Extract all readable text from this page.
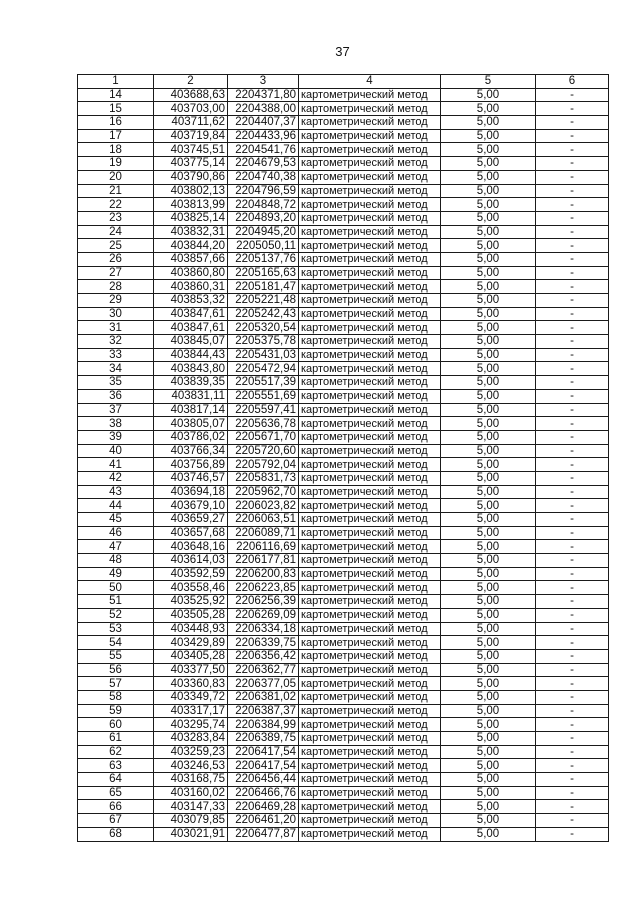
37
1	2	3	4	5	6
14	403688,63	2204371,80	картометрический метод	5,00	-
15	403703,00	2204388,00	картометрический метод	5,00	-
16	403711,62	2204407,37	картометрический метод	5,00	-
17	403719,84	2204433,96	картометрический метод	5,00	-
18	403745,51	2204541,76	картометрический метод	5,00	-
19	403775,14	2204679,53	картометрический метод	5,00	-
20	403790,86	2204740,38	картометрический метод	5,00	-
21	403802,13	2204796,59	картометрический метод	5,00	-
22	403813,99	2204848,72	картометрический метод	5,00	-
23	403825,14	2204893,20	картометрический метод	5,00	-
24	403832,31	2204945,20	картометрический метод	5,00	-
25	403844,20	2205050,11	картометрический метод	5,00	-
26	403857,66	2205137,76	картометрический метод	5,00	-
27	403860,80	2205165,63	картометрический метод	5,00	-
28	403860,31	2205181,47	картометрический метод	5,00	-
29	403853,32	2205221,48	картометрический метод	5,00	-
30	403847,61	2205242,43	картометрический метод	5,00	-
31	403847,61	2205320,54	картометрический метод	5,00	-
32	403845,07	2205375,78	картометрический метод	5,00	-
33	403844,43	2205431,03	картометрический метод	5,00	-
34	403843,80	2205472,94	картометрический метод	5,00	-
35	403839,35	2205517,39	картометрический метод	5,00	-
36	403831,11	2205551,69	картометрический метод	5,00	-
37	403817,14	2205597,41	картометрический метод	5,00	-
38	403805,07	2205636,78	картометрический метод	5,00	-
39	403786,02	2205671,70	картометрический метод	5,00	-
40	403766,34	2205720,60	картометрический метод	5,00	-
41	403756,89	2205792,04	картометрический метод	5,00	-
42	403746,57	2205831,73	картометрический метод	5,00	-
43	403694,18	2205962,70	картометрический метод	5,00	-
44	403679,10	2206023,82	картометрический метод	5,00	-
45	403659,27	2206063,51	картометрический метод	5,00	-
46	403657,68	2206089,71	картометрический метод	5,00	-
47	403648,16	2206116,69	картометрический метод	5,00	-
48	403614,03	2206177,81	картометрический метод	5,00	-
49	403592,59	2206200,83	картометрический метод	5,00	-
50	403558,46	2206223,85	картометрический метод	5,00	-
51	403525,92	2206256,39	картометрический метод	5,00	-
52	403505,28	2206269,09	картометрический метод	5,00	-
53	403448,93	2206334,18	картометрический метод	5,00	-
54	403429,89	2206339,75	картометрический метод	5,00	-
55	403405,28	2206356,42	картометрический метод	5,00	-
56	403377,50	2206362,77	картометрический метод	5,00	-
57	403360,83	2206377,05	картометрический метод	5,00	-
58	403349,72	2206381,02	картометрический метод	5,00	-
59	403317,17	2206387,37	картометрический метод	5,00	-
60	403295,74	2206384,99	картометрический метод	5,00	-
61	403283,84	2206389,75	картометрический метод	5,00	-
62	403259,23	2206417,54	картометрический метод	5,00	-
63	403246,53	2206417,54	картометрический метод	5,00	-
64	403168,75	2206456,44	картометрический метод	5,00	-
65	403160,02	2206466,76	картометрический метод	5,00	-
66	403147,33	2206469,28	картометрический метод	5,00	-
67	403079,85	2206461,20	картометрический метод	5,00	-
68	403021,91	2206477,87	картометрический метод	5,00	-
